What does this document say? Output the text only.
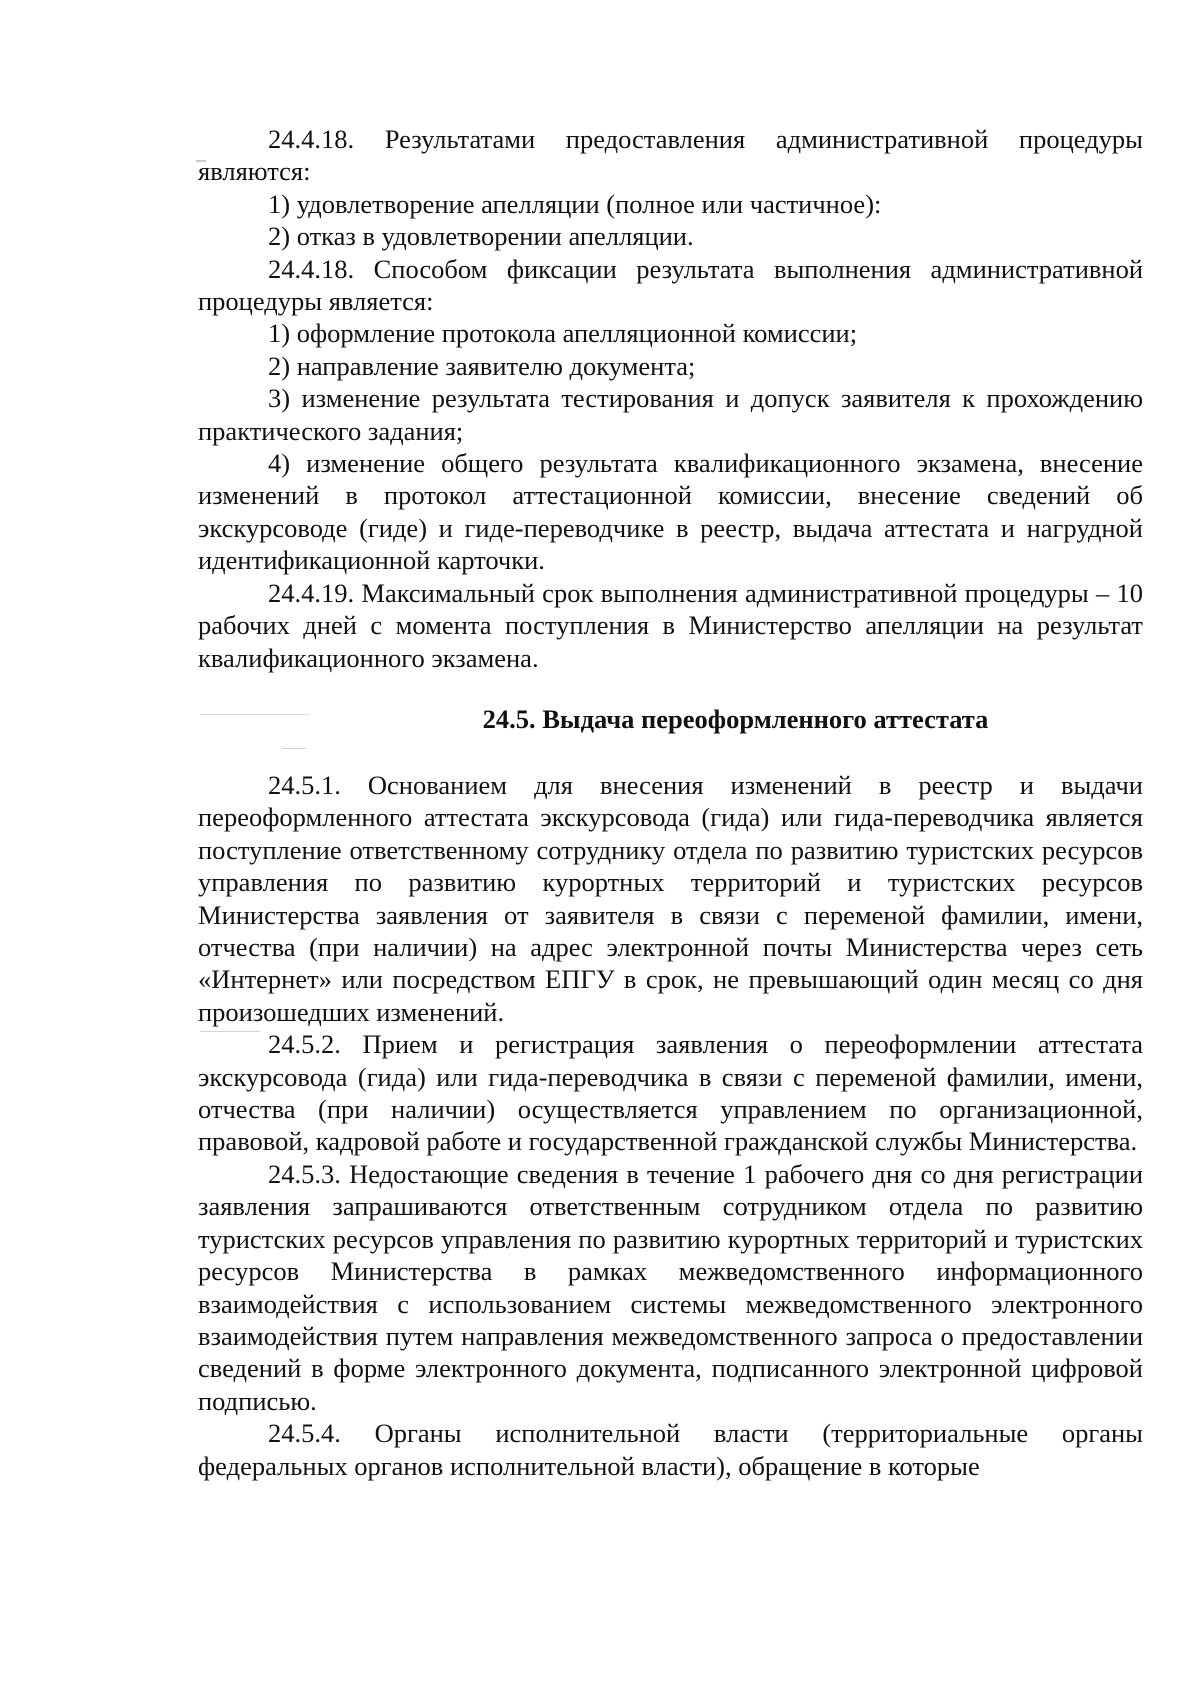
24.4.18. Результатами предоставления административной процедуры являются:

1) удовлетворение апелляции (полное или частичное):

2) отказ в удовлетворении апелляции.

24.4.18. Способом фиксации результата выполнения административной процедуры является:

1) оформление протокола апелляционной комиссии;

2) направление заявителю документа;

3) изменение результата тестирования и допуск заявителя к прохождению практического задания;

4) изменение общего результата квалификационного экзамена, внесение изменений в протокол аттестационной комиссии, внесение сведений об экскурсоводе (гиде) и гиде-переводчике в реестр, выдача аттестата и нагрудной идентификационной карточки.

24.4.19. Максимальный срок выполнения административной процедуры – 10 рабочих дней с момента поступления в Министерство апелляции на результат квалификационного экзамена.

24.5. Выдача переоформленного аттестата

24.5.1. Основанием для внесения изменений в реестр и выдачи переоформленного аттестата экскурсовода (гида) или гида-переводчика является поступление ответственному сотруднику отдела по развитию туристских ресурсов управления по развитию курортных территорий и туристских ресурсов Министерства заявления от заявителя в связи с переменой фамилии, имени, отчества (при наличии) на адрес электронной почты Министерства через сеть «Интернет» или посредством ЕПГУ в срок, не превышающий один месяц со дня произошедших изменений.

24.5.2. Прием и регистрация заявления о переоформлении аттестата экскурсовода (гида) или гида-переводчика в связи с переменой фамилии, имени, отчества (при наличии) осуществляется управлением по организационной, правовой, кадровой работе и государственной гражданской службы Министерства.

24.5.3. Недостающие сведения в течение 1 рабочего дня со дня регистрации заявления запрашиваются ответственным сотрудником отдела по развитию туристских ресурсов управления по развитию курортных территорий и туристских ресурсов Министерства в рамках межведомственного информационного взаимодействия с использованием системы межведомственного электронного взаимодействия путем направления межведомственного запроса о предоставлении сведений в форме электронного документа, подписанного электронной цифровой подписью.

24.5.4. Органы исполнительной власти (территориальные органы федеральных органов исполнительной власти), обращение в которые
